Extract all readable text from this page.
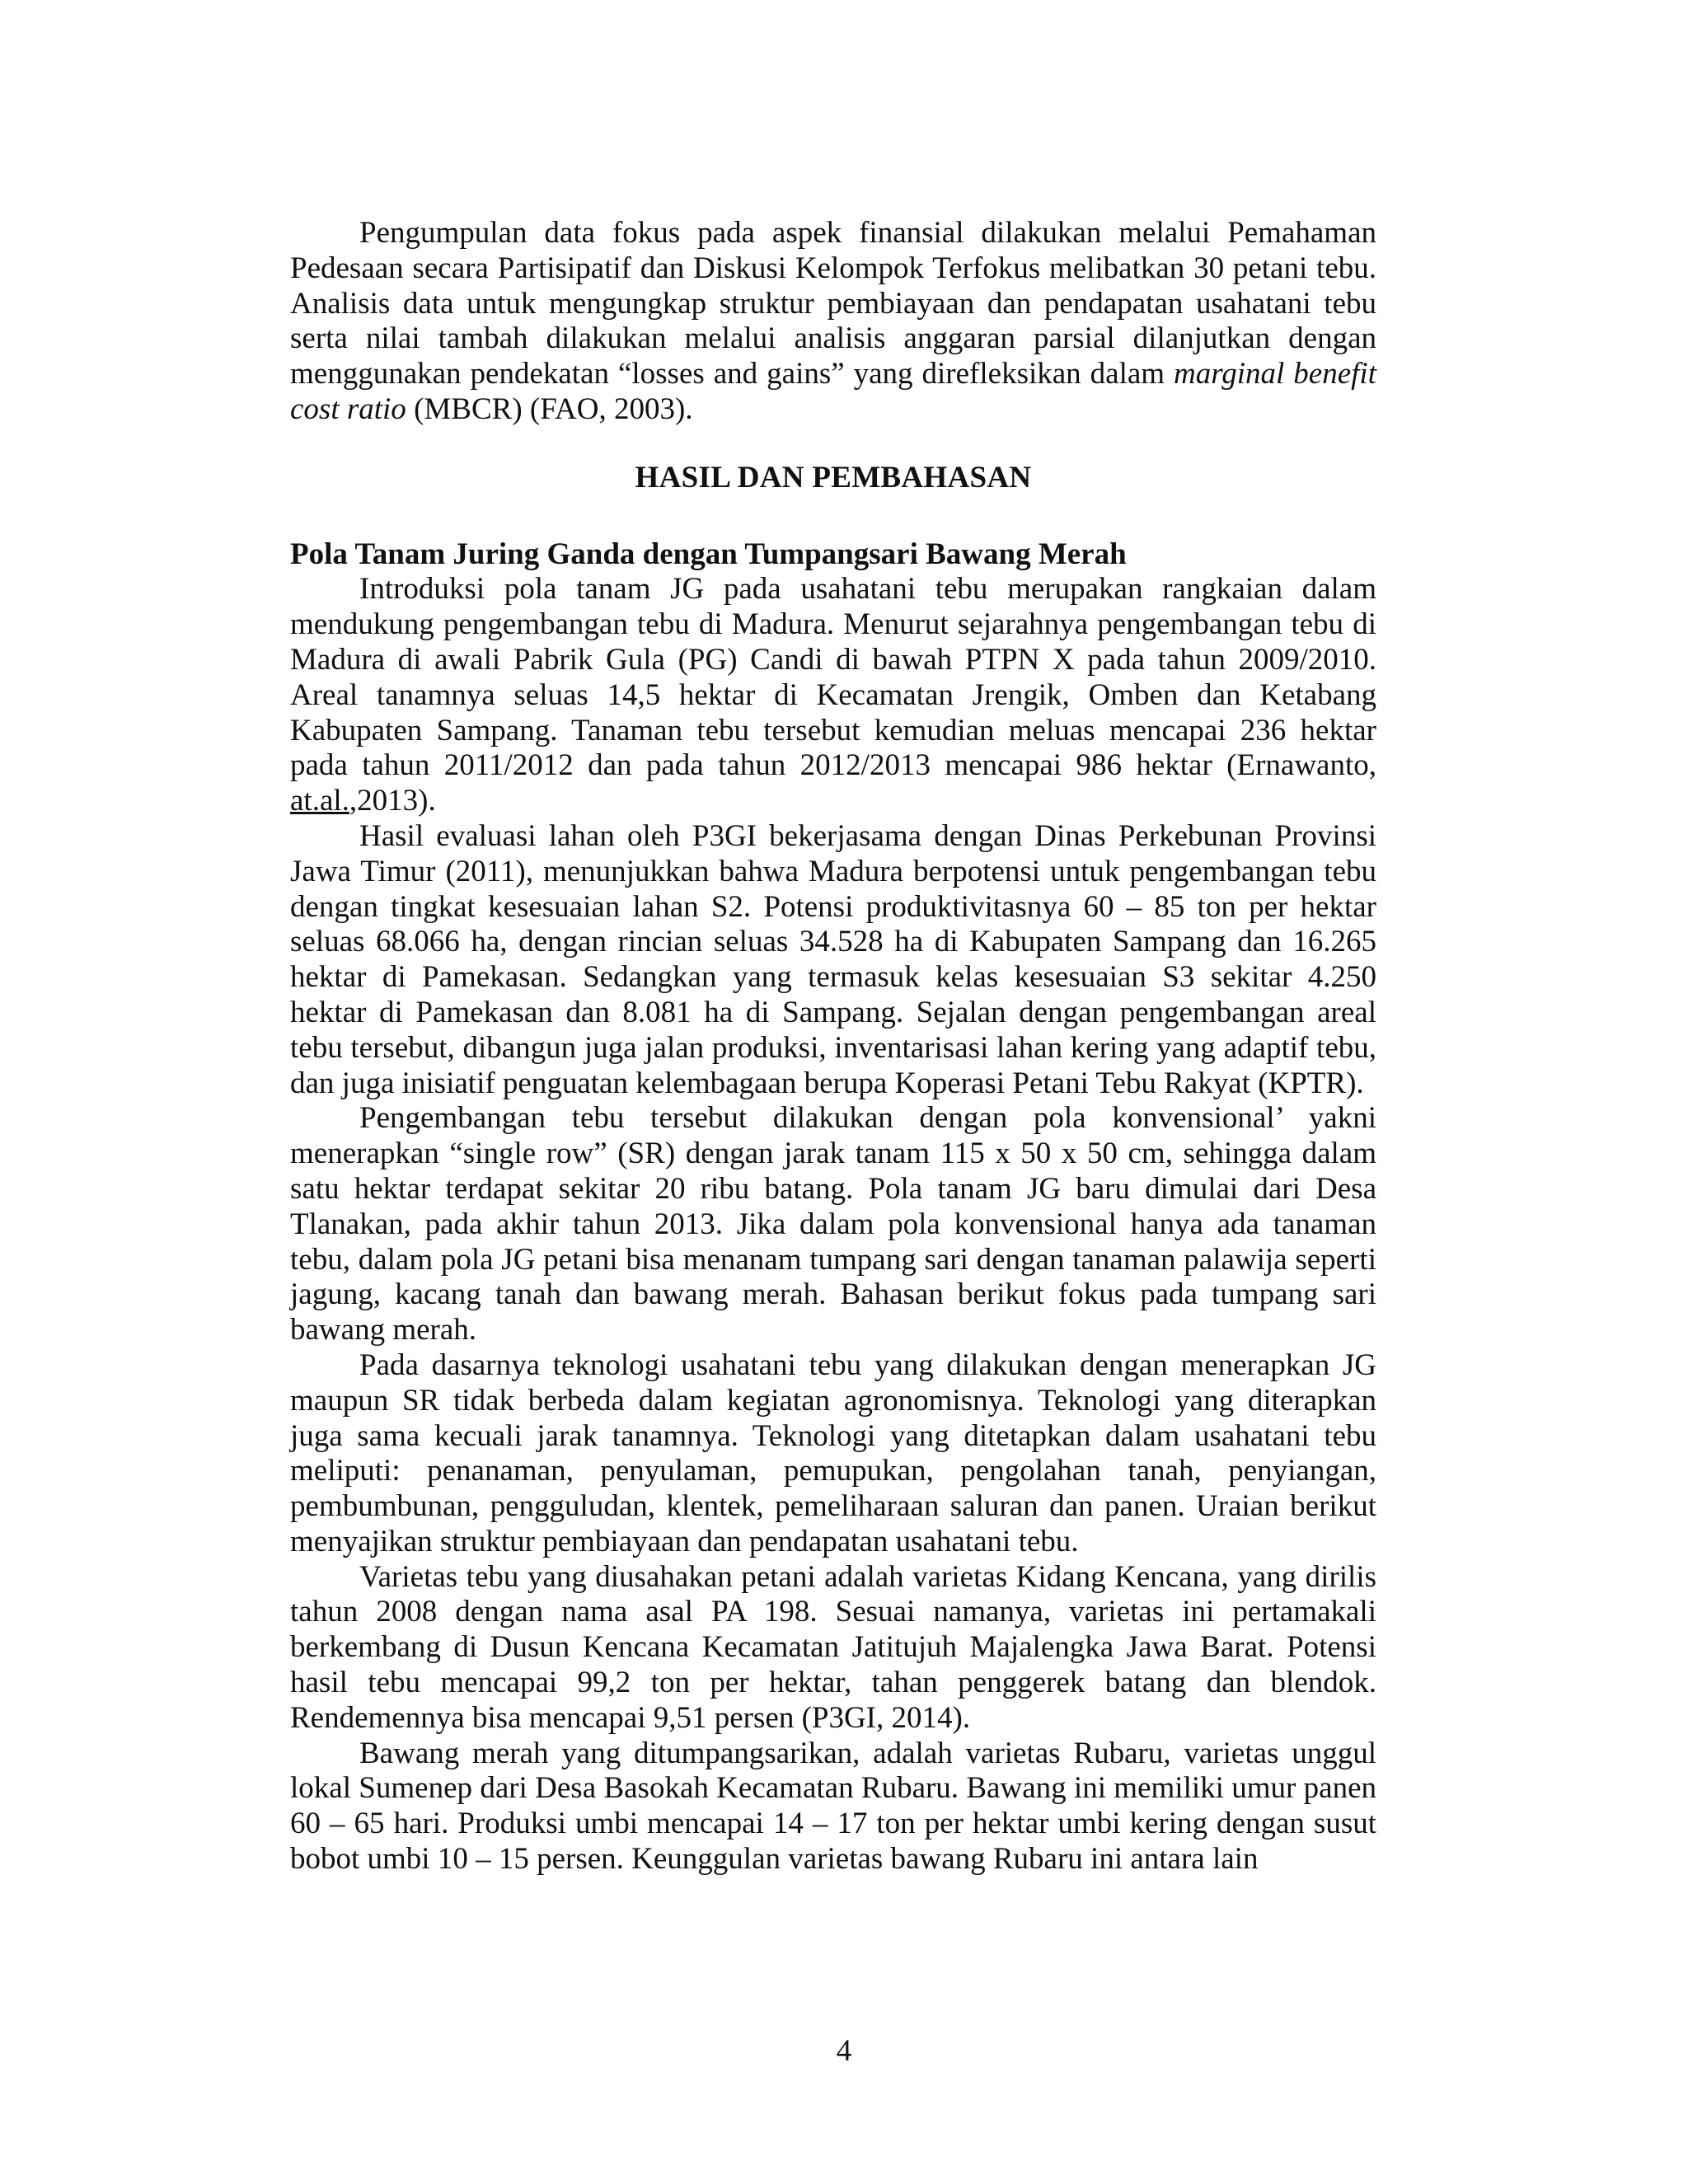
Pengumpulan data fokus pada aspek finansial dilakukan melalui Pemahaman Pedesaan secara Partisipatif dan Diskusi Kelompok Terfokus melibatkan 30 petani tebu. Analisis data untuk mengungkap struktur pembiayaan dan pendapatan usahatani tebu serta nilai tambah dilakukan melalui analisis anggaran parsial dilanjutkan dengan menggunakan pendekatan “losses and gains” yang direfleksikan dalam marginal benefit cost ratio (MBCR) (FAO, 2003).

HASIL DAN PEMBAHASAN
Pola Tanam Juring Ganda dengan Tumpangsari Bawang Merah

Introduksi pola tanam JG pada usahatani tebu merupakan rangkaian dalam mendukung pengembangan tebu di Madura. Menurut sejarahnya pengembangan tebu di Madura di awali Pabrik Gula (PG) Candi di bawah PTPN X pada tahun 2009/2010. Areal tanamnya seluas 14,5 hektar di Kecamatan Jrengik, Omben dan Ketabang Kabupaten Sampang. Tanaman tebu tersebut kemudian meluas mencapai 236 hektar pada tahun 2011/2012 dan pada tahun 2012/2013 mencapai 986 hektar (Ernawanto, at.al.,2013).

Hasil evaluasi lahan oleh P3GI bekerjasama dengan Dinas Perkebunan Provinsi Jawa Timur (2011), menunjukkan bahwa Madura berpotensi untuk pengembangan tebu dengan tingkat kesesuaian lahan S2. Potensi produktivitasnya 60 – 85 ton per hektar seluas 68.066 ha, dengan rincian seluas 34.528 ha di Kabupaten Sampang dan 16.265 hektar di Pamekasan. Sedangkan yang termasuk kelas kesesuaian S3 sekitar 4.250 hektar di Pamekasan dan 8.081 ha di Sampang. Sejalan dengan pengembangan areal tebu tersebut, dibangun juga jalan produksi, inventarisasi lahan kering yang adaptif tebu, dan juga inisiatif penguatan kelembagaan berupa Koperasi Petani Tebu Rakyat (KPTR).

Pengembangan tebu tersebut dilakukan dengan pola konvensional’ yakni menerapkan “single row” (SR) dengan jarak tanam 115 x 50 x 50 cm, sehingga dalam satu hektar terdapat sekitar 20 ribu batang. Pola tanam JG baru dimulai dari Desa Tlanakan, pada akhir tahun 2013. Jika dalam pola konvensional hanya ada tanaman tebu, dalam pola JG petani bisa menanam tumpang sari dengan tanaman palawija seperti jagung, kacang tanah dan bawang merah. Bahasan berikut fokus pada tumpang sari bawang merah.

Pada dasarnya teknologi usahatani tebu yang dilakukan dengan menerapkan JG maupun SR tidak berbeda dalam kegiatan agronomisnya. Teknologi yang diterapkan juga sama kecuali jarak tanamnya. Teknologi yang ditetapkan dalam usahatani tebu meliputi: penanaman, penyulaman, pemupukan, pengolahan tanah, penyiangan, pembumbunan, pengguludan, klentek, pemeliharaan saluran dan panen. Uraian berikut menyajikan struktur pembiayaan dan pendapatan usahatani tebu.

Varietas tebu yang diusahakan petani adalah varietas Kidang Kencana, yang dirilis tahun 2008 dengan nama asal PA 198. Sesuai namanya, varietas ini pertamakali berkembang di Dusun Kencana Kecamatan Jatitujuh Majalengka Jawa Barat. Potensi hasil tebu mencapai 99,2 ton per hektar, tahan penggerek batang dan blendok. Rendemennya bisa mencapai 9,51 persen (P3GI, 2014).

Bawang merah yang ditumpangsarikan, adalah varietas Rubaru, varietas unggul lokal Sumenep dari Desa Basokah Kecamatan Rubaru. Bawang ini memiliki umur panen 60 – 65 hari. Produksi umbi mencapai 14 – 17 ton per hektar umbi kering dengan susut bobot umbi 10 – 15 persen. Keunggulan varietas bawang Rubaru ini antara lain

4
